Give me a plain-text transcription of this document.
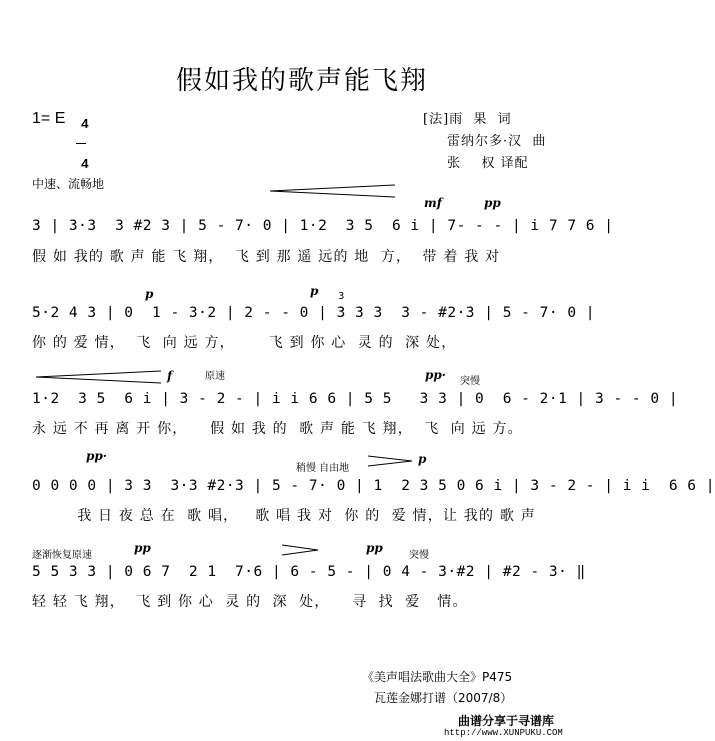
假如我的歌声能飞翔
1= E	4

4

[法]雨  果  词
雷纳尔多·汉  曲
张    权 译配
中速、流畅地
mf	pp
3 | 3·3  3 #2 3 | 5 - 7· 0 | 1·2  3 5  6 i | 7- - - | i 7 7 6 |
假 如 我的 歌 声 能 飞 翔，  飞 到 那 遥 远的 地  方，  带 着 我 对
p	p 3
5·2 4 3 | 0  1 - 3·2 | 2 - - 0 | 3 3 3  3 - #2·3 | 5 - 7· 0 |
你 的 爱 情，  飞  向 远 方，      飞 到 你 心  灵 的  深 处，
f	原速	pp· 突慢
1·2  3 5  6 i | 3 - 2 - | i i 6 6 | 5 5   3 3 | 0  6 - 2·1 | 3 - - 0 |
永 远 不 再 离 开 你，    假 如 我 的  歌 声 能 飞 翔，  飞  向 远 方。
pp·
稍慢 自由地
p
0 0 0 0 | 3 3  3·3 #2·3 | 5 - 7· 0 | 1  2 3 5 0 6 i | 3 - 2 - | i i  6 6 |
我 日 夜 总 在  歌 唱，   歌 唱 我 对  你 的  爱 情，让 我的 歌 声
逐渐恢复原速
pp	pp
突慢
5 5 3 3 | 0 6 7  2 1  7·6 | 6 - 5 - | 0 4 - 3·#2 | #2 - 3· ‖
轻 轻 飞 翔，  飞 到 你 心  灵 的  深  处，    寻  找  爱   情。
《美声唱法歌曲大全》P475
瓦莲金娜打谱（2007/8）
曲谱分享于寻谱库
http://www.XUNPUKU.COM
